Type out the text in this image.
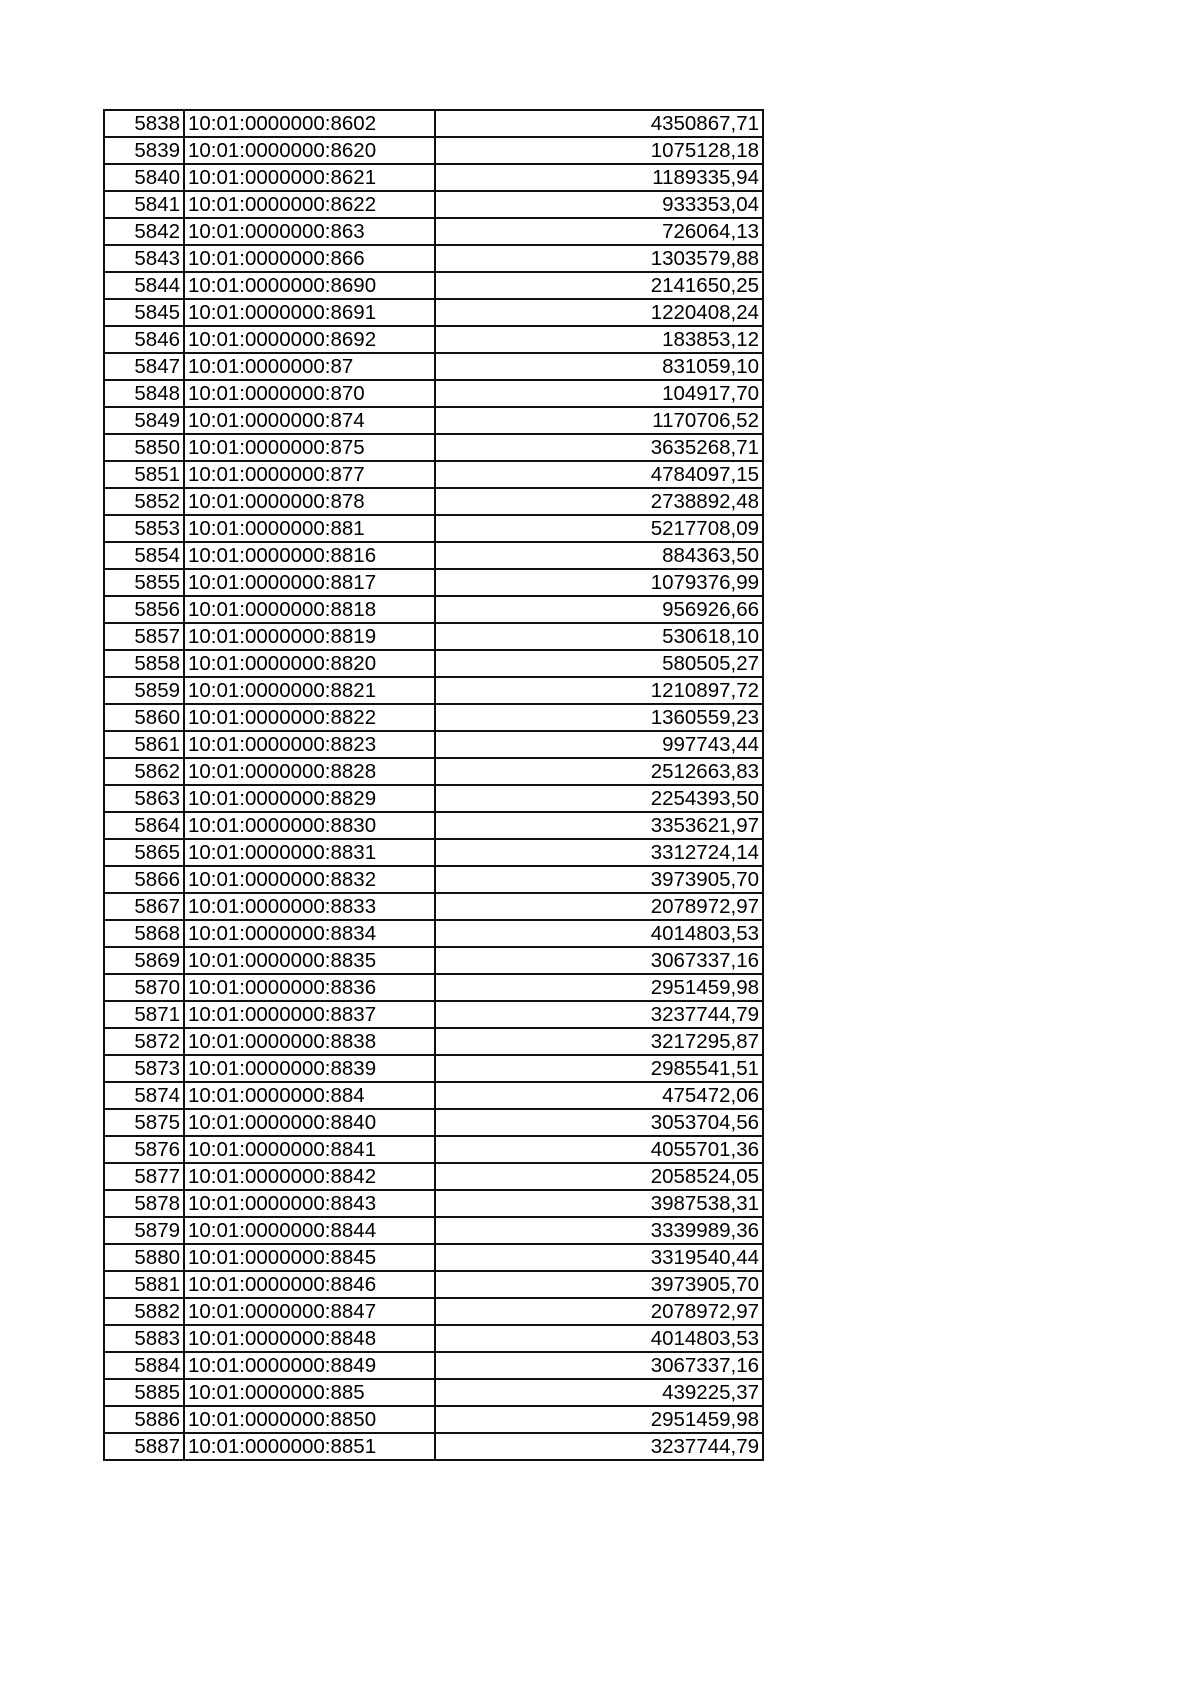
5838	10:01:0000000:8602	4350867,71
5839	10:01:0000000:8620	1075128,18
5840	10:01:0000000:8621	1189335,94
5841	10:01:0000000:8622	933353,04
5842	10:01:0000000:863	726064,13
5843	10:01:0000000:866	1303579,88
5844	10:01:0000000:8690	2141650,25
5845	10:01:0000000:8691	1220408,24
5846	10:01:0000000:8692	183853,12
5847	10:01:0000000:87	831059,10
5848	10:01:0000000:870	104917,70
5849	10:01:0000000:874	1170706,52
5850	10:01:0000000:875	3635268,71
5851	10:01:0000000:877	4784097,15
5852	10:01:0000000:878	2738892,48
5853	10:01:0000000:881	5217708,09
5854	10:01:0000000:8816	884363,50
5855	10:01:0000000:8817	1079376,99
5856	10:01:0000000:8818	956926,66
5857	10:01:0000000:8819	530618,10
5858	10:01:0000000:8820	580505,27
5859	10:01:0000000:8821	1210897,72
5860	10:01:0000000:8822	1360559,23
5861	10:01:0000000:8823	997743,44
5862	10:01:0000000:8828	2512663,83
5863	10:01:0000000:8829	2254393,50
5864	10:01:0000000:8830	3353621,97
5865	10:01:0000000:8831	3312724,14
5866	10:01:0000000:8832	3973905,70
5867	10:01:0000000:8833	2078972,97
5868	10:01:0000000:8834	4014803,53
5869	10:01:0000000:8835	3067337,16
5870	10:01:0000000:8836	2951459,98
5871	10:01:0000000:8837	3237744,79
5872	10:01:0000000:8838	3217295,87
5873	10:01:0000000:8839	2985541,51
5874	10:01:0000000:884	475472,06
5875	10:01:0000000:8840	3053704,56
5876	10:01:0000000:8841	4055701,36
5877	10:01:0000000:8842	2058524,05
5878	10:01:0000000:8843	3987538,31
5879	10:01:0000000:8844	3339989,36
5880	10:01:0000000:8845	3319540,44
5881	10:01:0000000:8846	3973905,70
5882	10:01:0000000:8847	2078972,97
5883	10:01:0000000:8848	4014803,53
5884	10:01:0000000:8849	3067337,16
5885	10:01:0000000:885	439225,37
5886	10:01:0000000:8850	2951459,98
5887	10:01:0000000:8851	3237744,79
